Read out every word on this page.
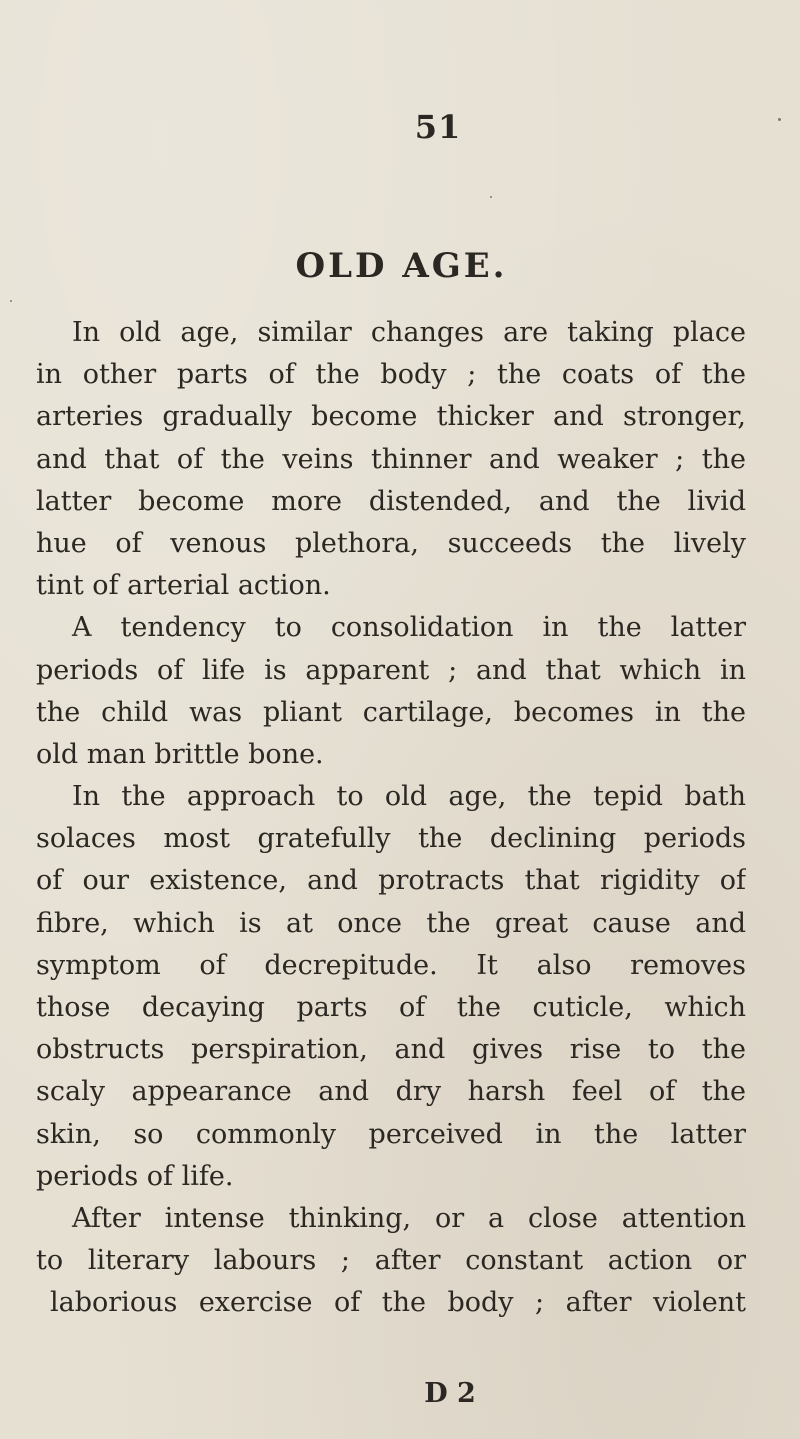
51
OLD AGE.
In old age, similar changes are taking place
in other parts of the body ; the coats of the
arteries gradually become thicker and stronger,
and that of the veins thinner and weaker ; the
latter become more distended, and the livid
hue of venous plethora, succeeds the lively
tint of arterial action.
A tendency to consolidation in the latter
periods of life is apparent ; and that which in
the child was pliant cartilage, becomes in the
old man brittle bone.
In the approach to old age, the tepid bath
solaces most gratefully the declining periods
of our existence, and protracts that rigidity of
fibre, which is at once the great cause and
symptom of decrepitude. It also removes
those decaying parts of the cuticle, which
obstructs perspiration, and gives rise to the
scaly appearance and dry harsh feel of the
skin, so commonly perceived in the latter
periods of life.
After intense thinking, or a close attention
to literary labours ; after constant action or
laborious exercise of the body ; after violent
D 2
